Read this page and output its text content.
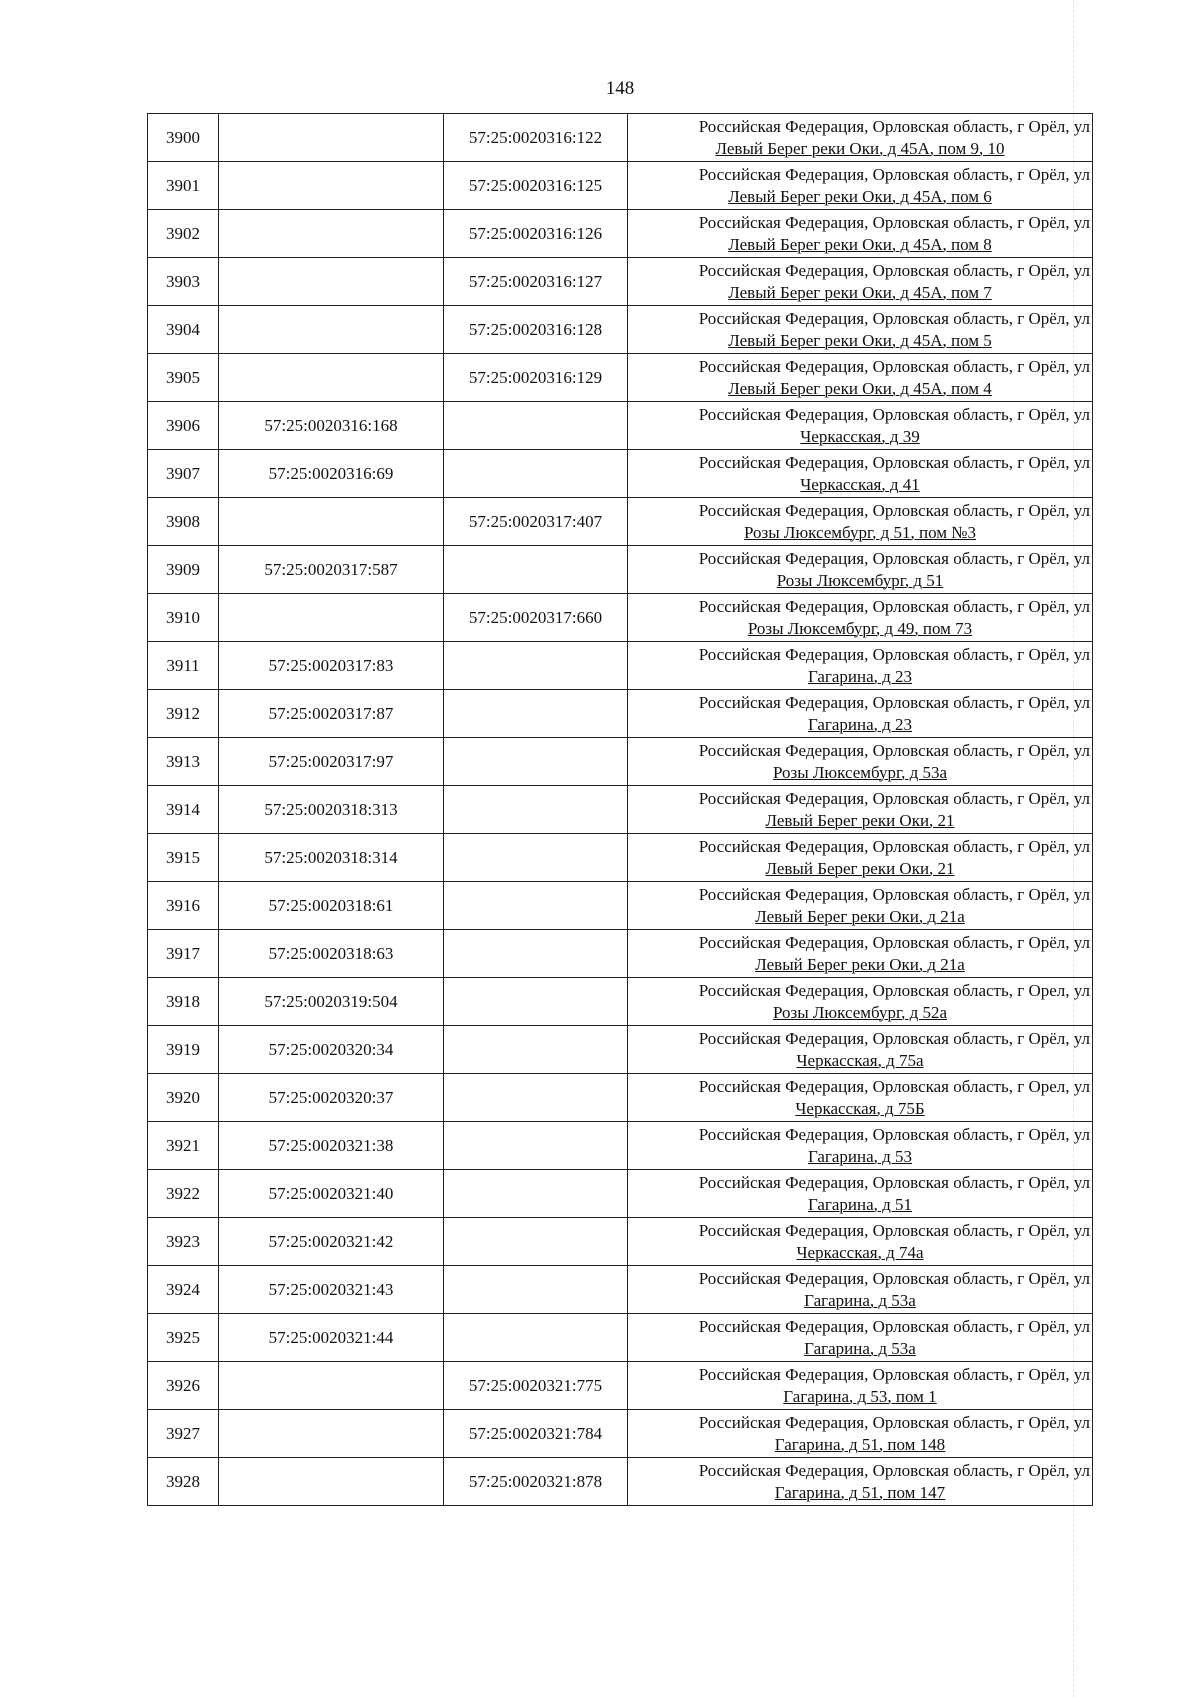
148
3900		57:25:0020316:122	Российская Федерация, Орловская область, г Орёл, ул
Левый Берег реки Оки, д 45А, пом 9, 10

3901		57:25:0020316:125	Российская Федерация, Орловская область, г Орёл, ул
Левый Берег реки Оки, д 45А, пом 6

3902		57:25:0020316:126	Российская Федерация, Орловская область, г Орёл, ул
Левый Берег реки Оки, д 45А, пом 8

3903		57:25:0020316:127	Российская Федерация, Орловская область, г Орёл, ул
Левый Берег реки Оки, д 45А, пом 7

3904		57:25:0020316:128	Российская Федерация, Орловская область, г Орёл, ул
Левый Берег реки Оки, д 45А, пом 5

3905		57:25:0020316:129	Российская Федерация, Орловская область, г Орёл, ул
Левый Берег реки Оки, д 45А, пом 4

3906	57:25:0020316:168		Российская Федерация, Орловская область, г Орёл, ул
Черкасская, д 39

3907	57:25:0020316:69		Российская Федерация, Орловская область, г Орёл, ул
Черкасская, д 41

3908		57:25:0020317:407	Российская Федерация, Орловская область, г Орёл, ул
Розы Люксембург, д 51, пом №3

3909	57:25:0020317:587		Российская Федерация, Орловская область, г Орёл, ул
Розы Люксембург, д 51

3910		57:25:0020317:660	Российская Федерация, Орловская область, г Орёл, ул
Розы Люксембург, д 49, пом 73

3911	57:25:0020317:83		Российская Федерация, Орловская область, г Орёл, ул
Гагарина, д 23

3912	57:25:0020317:87		Российская Федерация, Орловская область, г Орёл, ул
Гагарина, д 23

3913	57:25:0020317:97		Российская Федерация, Орловская область, г Орёл, ул
Розы Люксембург, д 53а

3914	57:25:0020318:313		Российская Федерация, Орловская область, г Орёл, ул
Левый Берег реки Оки, 21

3915	57:25:0020318:314		Российская Федерация, Орловская область, г Орёл, ул
Левый Берег реки Оки, 21

3916	57:25:0020318:61		Российская Федерация, Орловская область, г Орёл, ул
Левый Берег реки Оки, д 21а

3917	57:25:0020318:63		Российская Федерация, Орловская область, г Орёл, ул
Левый Берег реки Оки, д 21а

3918	57:25:0020319:504		Российская Федерация, Орловская область, г Орел, ул
Розы Люксембург, д 52а

3919	57:25:0020320:34		Российская Федерация, Орловская область, г Орёл, ул
Черкасская, д 75а

3920	57:25:0020320:37		Российская Федерация, Орловская область, г Орел, ул
Черкасская, д 75Б

3921	57:25:0020321:38		Российская Федерация, Орловская область, г Орёл, ул
Гагарина, д 53

3922	57:25:0020321:40		Российская Федерация, Орловская область, г Орёл, ул
Гагарина, д 51

3923	57:25:0020321:42		Российская Федерация, Орловская область, г Орёл, ул
Черкасская, д 74а

3924	57:25:0020321:43		Российская Федерация, Орловская область, г Орёл, ул
Гагарина, д 53а

3925	57:25:0020321:44		Российская Федерация, Орловская область, г Орёл, ул
Гагарина, д 53а

3926		57:25:0020321:775	Российская Федерация, Орловская область, г Орёл, ул
Гагарина, д 53, пом 1

3927		57:25:0020321:784	Российская Федерация, Орловская область, г Орёл, ул
Гагарина, д 51, пом 148

3928		57:25:0020321:878	Российская Федерация, Орловская область, г Орёл, ул
Гагарина, д 51, пом 147
